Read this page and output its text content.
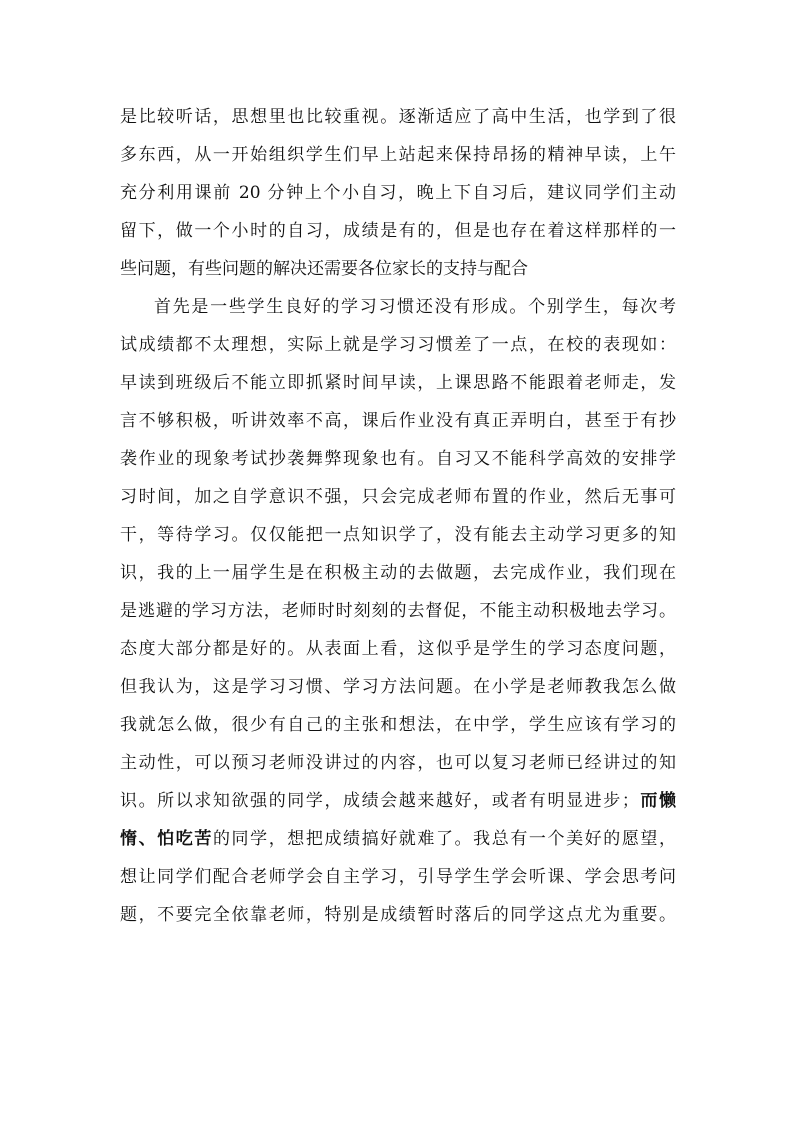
是比较听话，思想里也比较重视。逐渐适应了高中生活，也学到了很
多东西，从一开始组织学生们早上站起来保持昂扬的精神早读，上午
充分利用课前 20 分钟上个小自习，晚上下自习后，建议同学们主动
留下，做一个小时的自习，成绩是有的，但是也存在着这样那样的一
些问题，有些问题的解决还需要各位家长的支持与配合
首先是一些学生良好的学习习惯还没有形成。个别学生，每次考
试成绩都不太理想，实际上就是学习习惯差了一点，在校的表现如：
早读到班级后不能立即抓紧时间早读，上课思路不能跟着老师走，发
言不够积极，听讲效率不高，课后作业没有真正弄明白，甚至于有抄
袭作业的现象考试抄袭舞弊现象也有。自习又不能科学高效的安排学
习时间，加之自学意识不强，只会完成老师布置的作业，然后无事可
干，等待学习。仅仅能把一点知识学了，没有能去主动学习更多的知
识，我的上一届学生是在积极主动的去做题，去完成作业，我们现在
是逃避的学习方法，老师时时刻刻的去督促，不能主动积极地去学习。
态度大部分都是好的。从表面上看，这似乎是学生的学习态度问题，
但我认为，这是学习习惯、学习方法问题。在小学是老师教我怎么做
我就怎么做，很少有自己的主张和想法，在中学，学生应该有学习的
主动性，可以预习老师没讲过的内容，也可以复习老师已经讲过的知
识。所以求知欲强的同学，成绩会越来越好，或者有明显进步；而懒
惰、怕吃苦的同学，想把成绩搞好就难了。我总有一个美好的愿望，
想让同学们配合老师学会自主学习，引导学生学会听课、学会思考问
题，不要完全依靠老师，特别是成绩暂时落后的同学这点尤为重要。
